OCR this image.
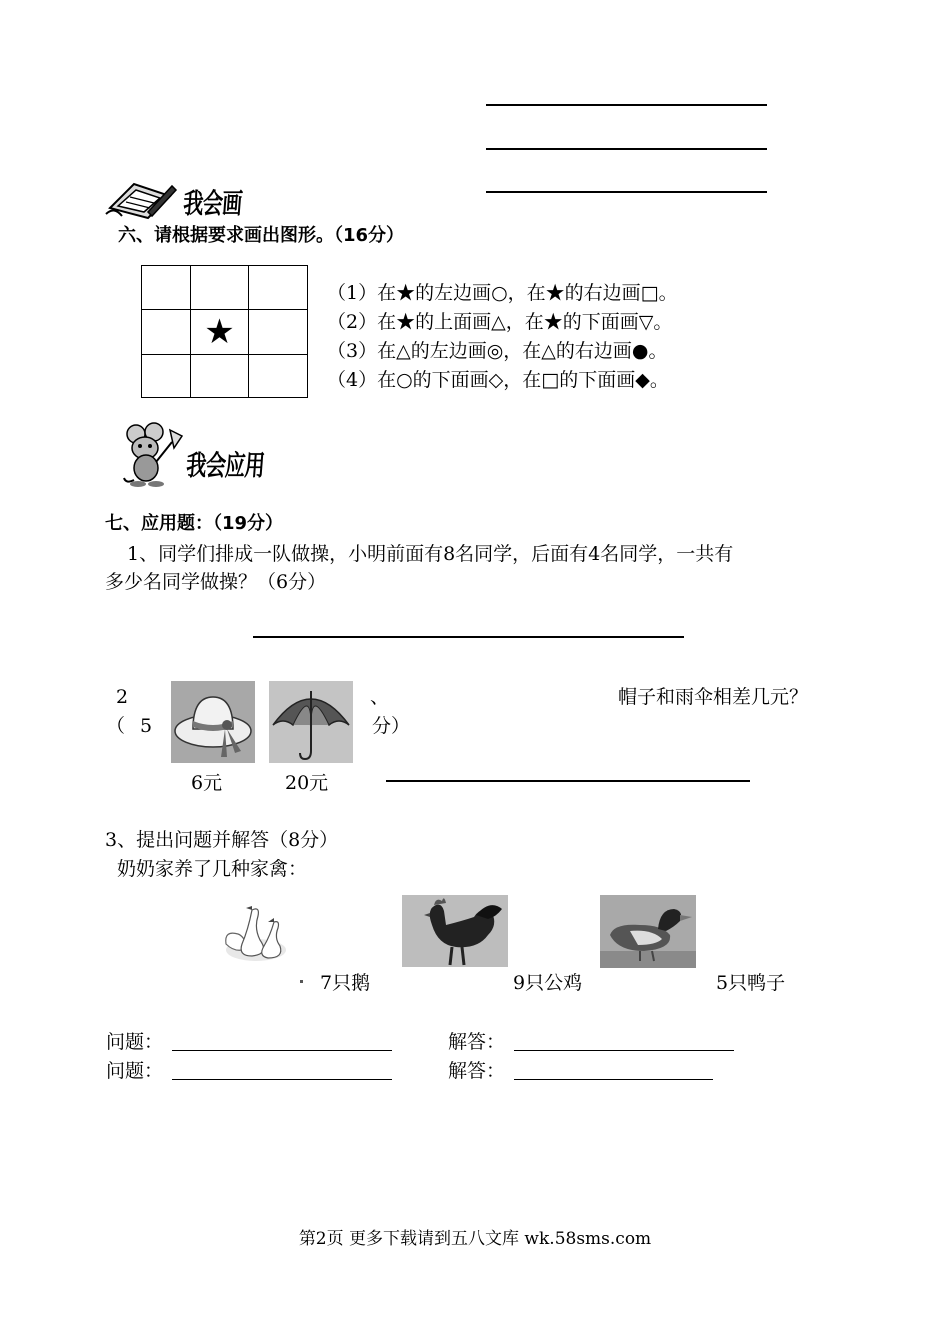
我会画
六、请根据要求画出图形。（16分）

	★	

（1）在★的左边画○，在★的右边画□。
（2）在★的上面画△，在★的下面画▽。
（3）在△的左边画◎，在△的右边画●。
（4）在○的下面画◇，在□的下面画◆。
我会应用
七、应用题：（19分）
1、同学们排成一队做操，小明前面有8名同学，后面有4名同学，一共有
多少名同学做操？（6分）
2
（ 5
、
分）
帽子和雨伞相差几元？
6元	20元
3、提出问题并解答（8分）
奶奶家养了几种家禽：
7只鹅	9只公鸡	5只鸭子
问题：	解答：
问题：	解答：
第2页 更多下载请到五八文库 wk.58sms.com
